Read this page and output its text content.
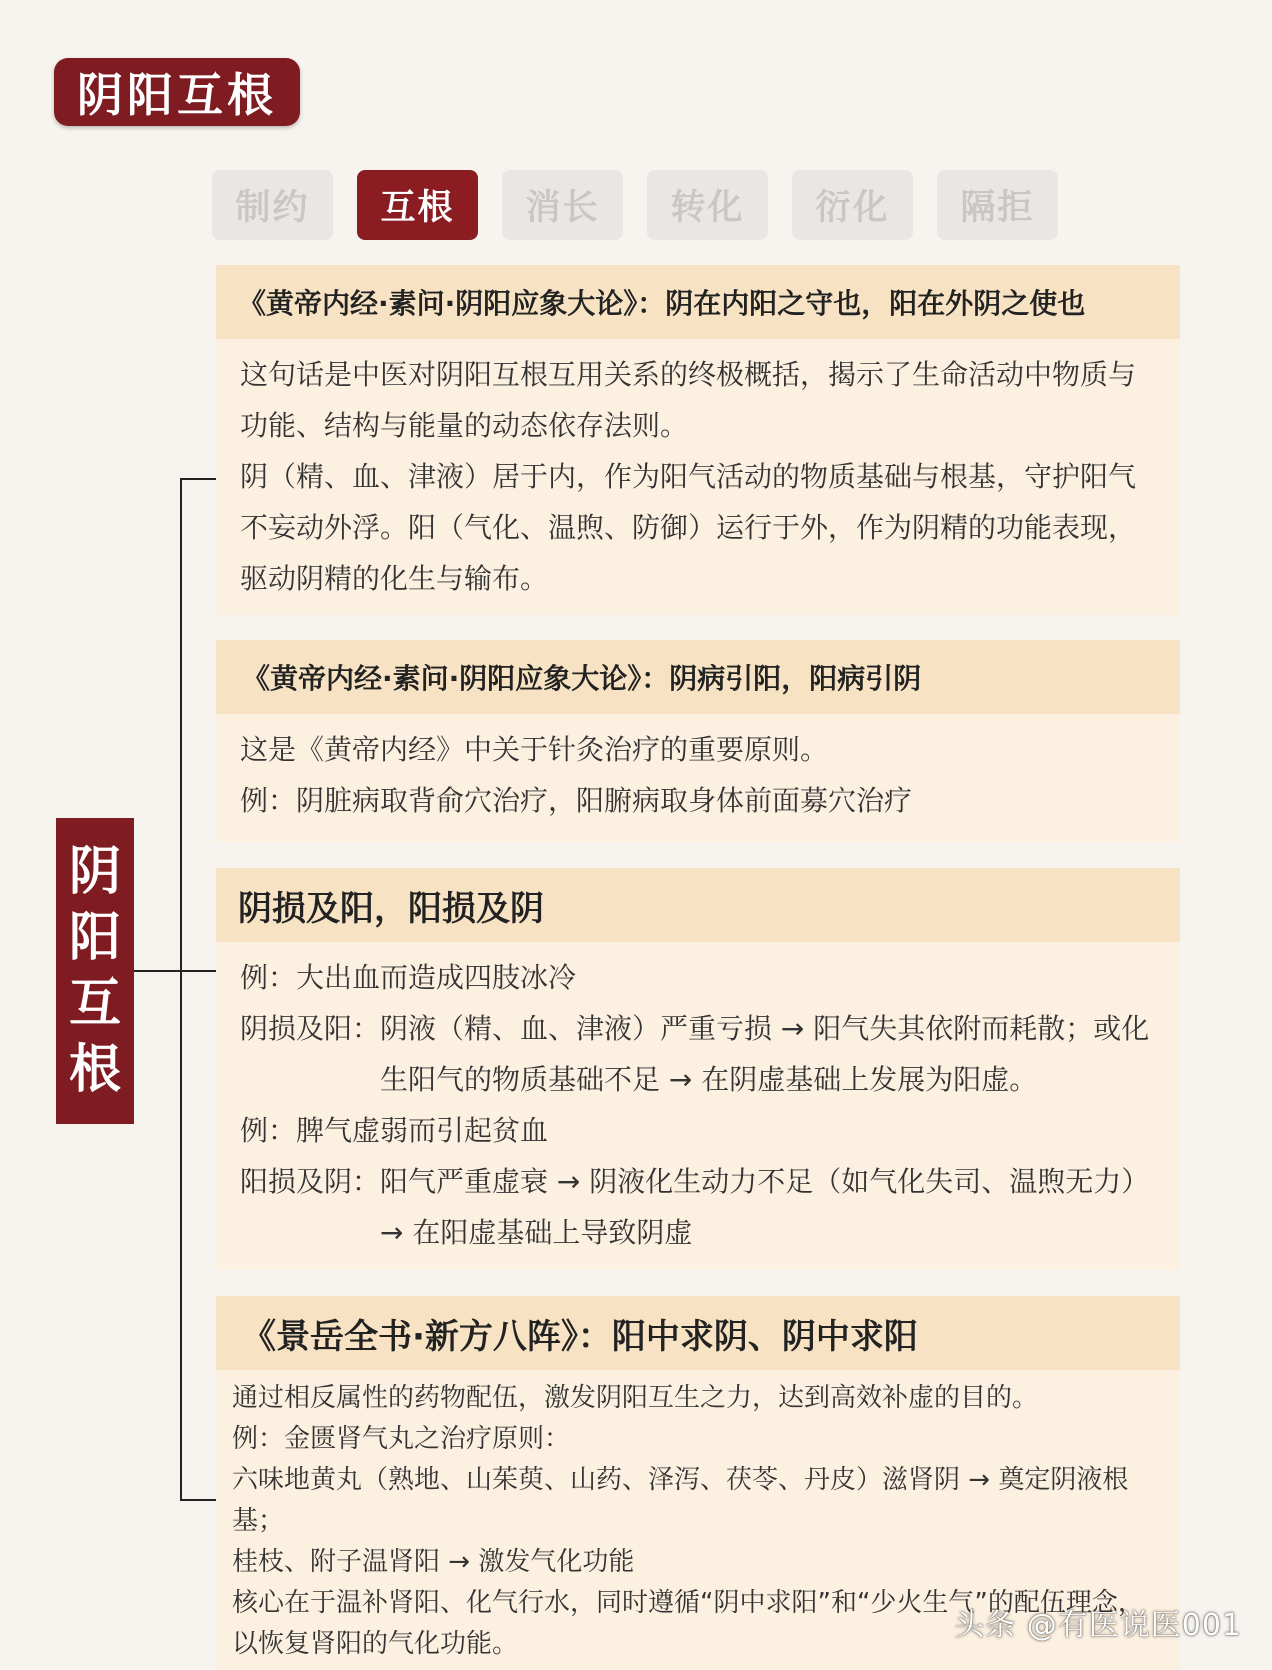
阴阳互根
制约	互根	消长	转化	衍化	隔拒
阴
阳
互
根
《黄帝内经·素问·阴阳应象大论》：阴在内阳之守也，阳在外阴之使也

这句话是中医对阴阳互根互用关系的终极概括，揭示了生命活动中物质与功能、结构与能量的动态依存法则。

阴（精、血、津液）居于内，作为阳气活动的物质基础与根基，守护阳气不妄动外浮。阳（气化、温煦、防御）运行于外，作为阴精的功能表现，驱动阴精的化生与输布。

《黄帝内经·素问·阴阳应象大论》：阴病引阳，阳病引阴

这是《黄帝内经》中关于针灸治疗的重要原则。

例：阴脏病取背俞穴治疗，阳腑病取身体前面募穴治疗

阴损及阳，阳损及阴

例：大出血而造成四肢冰冷

阴损及阳： 阴液（精、血、津液）严重亏损 → 阳气失其依附而耗散；或化生阳气的物质基础不足 → 在阴虚基础上发展为阳虚。

例：脾气虚弱而引起贫血

阳损及阴： 阳气严重虚衰 → 阴液化生动力不足（如气化失司、温煦无力）→ 在阳虚基础上导致阴虚
《景岳全书·新方八阵》：阳中求阴、阴中求阳

通过相反属性的药物配伍，激发阴阳互生之力，达到高效补虚的目的。

例：金匮肾气丸之治疗原则：

六味地黄丸（熟地、山茱萸、山药、泽泻、茯苓、丹皮）滋肾阴 → 奠定阴液根基；

桂枝、附子温肾阳 → 激发气化功能

核心在于温补肾阳、化气行水，同时遵循“阴中求阳”和“少火生气”的配伍理念，以恢复肾阳的气化功能。

头条 @有医说医001
